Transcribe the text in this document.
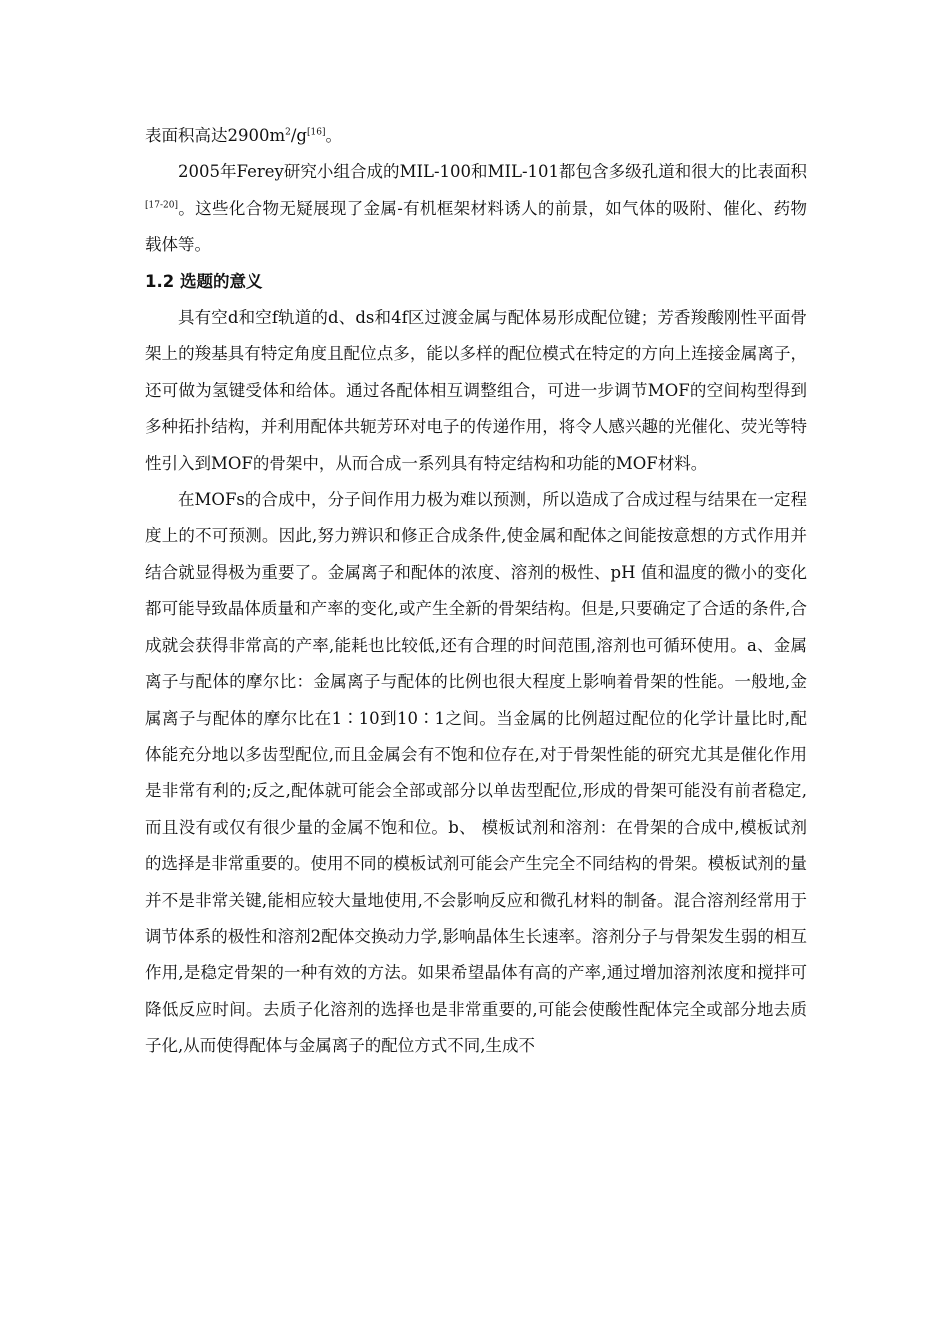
表面积高达$2900m^2/g[16]$。

2005年Ferey研究小组合成的MIL-100和MIL-101都包含多级孔道和很大的比表面积[17-20]。这些化合物无疑展现了金属-有机框架材料诱人的前景，如气体的吸附、催化、药物载体等。

1.2 选题的意义

具有空d和空f轨道的d、ds和4f区过渡金属与配体易形成配位键；芳香羧酸刚性平面骨架上的羧基具有特定角度且配位点多，能以多样的配位模式在特定的方向上连接金属离子，还可做为氢键受体和给体。通过各配体相互调整组合，可进一步调节MOF的空间构型得到多种拓扑结构，并利用配体共轭芳环对电子的传递作用，将令人感兴趣的光催化、荧光等特性引入到MOF的骨架中，从而合成一系列具有特定结构和功能的MOF材料。

在MOFs的合成中，分子间作用力极为难以预测，所以造成了合成过程与结果在一定程度上的不可预测。因此,努力辨识和修正合成条件,使金属和配体之间能按意想的方式作用并结合就显得极为重要了。金属离子和配体的浓度、溶剂的极性、pH 值和温度的微小的变化都可能导致晶体质量和产率的变化,或产生全新的骨架结构。但是,只要确定了合适的条件,合成就会获得非常高的产率,能耗也比较低,还有合理的时间范围,溶剂也可循环使用。a、金属离子与配体的摩尔比：金属离子与配体的比例也很大程度上影响着骨架的性能。一般地,金属离子与配体的摩尔比在1∶10到10∶1之间。当金属的比例超过配位的化学计量比时,配体能充分地以多齿型配位,而且金属会有不饱和位存在,对于骨架性能的研究尤其是催化作用是非常有利的;反之,配体就可能会全部或部分以单齿型配位,形成的骨架可能没有前者稳定,而且没有或仅有很少量的金属不饱和位。b、 模板试剂和溶剂：在骨架的合成中,模板试剂的选择是非常重要的。使用不同的模板试剂可能会产生完全不同结构的骨架。模板试剂的量并不是非常关键,能相应较大量地使用,不会影响反应和微孔材料的制备。混合溶剂经常用于调节体系的极性和溶剂2配体交换动力学,影响晶体生长速率。溶剂分子与骨架发生弱的相互作用,是稳定骨架的一种有效的方法。如果希望晶体有高的产率,通过增加溶剂浓度和搅拌可降低反应时间。去质子化溶剂的选择也是非常重要的,可能会使酸性配体完全或部分地去质子化,从而使得配体与金属离子的配位方式不同,生成不
